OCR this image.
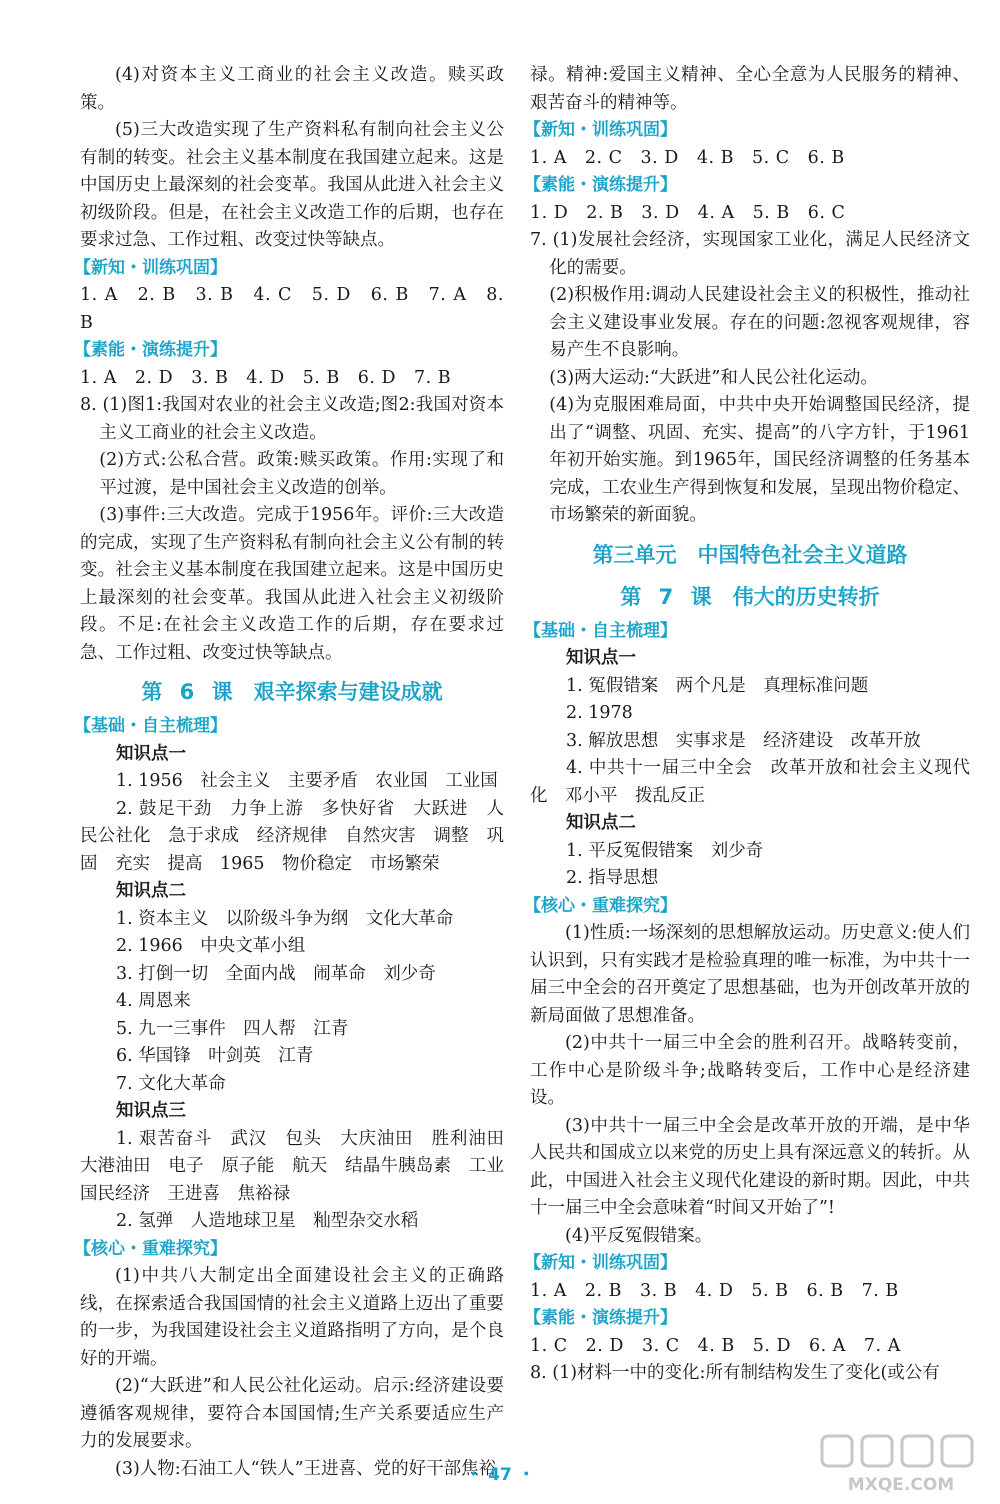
(4)对资本主义工商业的社会主义改造。赎买政策。

(5)三大改造实现了生产资料私有制向社会主义公有制的转变。社会主义基本制度在我国建立起来。这是中国历史上最深刻的社会变革。我国从此进入社会主义初级阶段。但是，在社会主义改造工作的后期，也存在要求过急、工作过粗、改变过快等缺点。

【新知・训练巩固】

1. A　2. B　3. B　4. C　5. D　6. B　7. A　8. B

【素能・演练提升】

1. A　2. D　3. B　4. D　5. B　6. D　7. B

8. (1)图1:我国对农业的社会主义改造;图2:我国对资本主义工商业的社会主义改造。

(2)方式:公私合营。政策:赎买政策。作用:实现了和平过渡，是中国社会主义改造的创举。

(3)事件:三大改造。完成于1956年。评价:三大改造的完成，实现了生产资料私有制向社会主义公有制的转变。社会主义基本制度在我国建立起来。这是中国历史上最深刻的社会变革。我国从此进入社会主义初级阶段。不足:在社会主义改造工作的后期，存在要求过急、工作过粗、改变过快等缺点。

第 6 课　艰辛探索与建设成就

【基础・自主梳理】

知识点一

1. 1956　社会主义　主要矛盾　农业国　工业国

2. 鼓足干劲　力争上游　多快好省　大跃进　人民公社化　急于求成　经济规律　自然灾害　调整　巩固　充实　提高　1965　物价稳定　市场繁荣

知识点二

1. 资本主义　以阶级斗争为纲　文化大革命

2. 1966　中央文革小组

3. 打倒一切　全面内战　闹革命　刘少奇

4. 周恩来

5. 九一三事件　四人帮　江青

6. 华国锋　叶剑英　江青

7. 文化大革命

知识点三

1. 艰苦奋斗　武汉　包头　大庆油田　胜利油田　大港油田　电子　原子能　航天　结晶牛胰岛素　工业　国民经济　王进喜　焦裕禄

2. 氢弹　人造地球卫星　籼型杂交水稻

【核心・重难探究】

(1)中共八大制定出全面建设社会主义的正确路线，在探索适合我国国情的社会主义道路上迈出了重要的一步，为我国建设社会主义道路指明了方向，是个良好的开端。

(2)“大跃进”和人民公社化运动。启示:经济建设要遵循客观规律，要符合本国国情;生产关系要适应生产力的发展要求。

(3)人物:石油工人“铁人”王进喜、党的好干部焦裕

禄。精神:爱国主义精神、全心全意为人民服务的精神、艰苦奋斗的精神等。

【新知・训练巩固】

1. A　2. C　3. D　4. B　5. C　6. B

【素能・演练提升】

1. D　2. B　3. D　4. A　5. B　6. C

7. (1)发展社会经济，实现国家工业化，满足人民经济文化的需要。

(2)积极作用:调动人民建设社会主义的积极性，推动社会主义建设事业发展。存在的问题:忽视客观规律，容易产生不良影响。

(3)两大运动:“大跃进”和人民公社化运动。

(4)为克服困难局面，中共中央开始调整国民经济，提出了“调整、巩固、充实、提高”的八字方针，于1961年初开始实施。到1965年，国民经济调整的任务基本完成，工农业生产得到恢复和发展，呈现出物价稳定、市场繁荣的新面貌。

第三单元　中国特色社会主义道路

第 7 课　伟大的历史转折

【基础・自主梳理】

知识点一

1. 冤假错案　两个凡是　真理标准问题

2. 1978

3. 解放思想　实事求是　经济建设　改革开放

4. 中共十一届三中全会　改革开放和社会主义现代化　邓小平　拨乱反正

知识点二

1. 平反冤假错案　刘少奇

2. 指导思想

【核心・重难探究】

(1)性质:一场深刻的思想解放运动。历史意义:使人们认识到，只有实践才是检验真理的唯一标准，为中共十一届三中全会的召开奠定了思想基础，也为开创改革开放的新局面做了思想准备。

(2)中共十一届三中全会的胜利召开。战略转变前，工作中心是阶级斗争;战略转变后，工作中心是经济建设。

(3)中共十一届三中全会是改革开放的开端，是中华人民共和国成立以来党的历史上具有深远意义的转折。从此，中国进入社会主义现代化建设的新时期。因此，中共十一届三中全会意味着“时间又开始了”!

(4)平反冤假错案。

【新知・训练巩固】

1. A　2. B　3. B　4. D　5. B　6. B　7. B

【素能・演练提升】

1. C　2. D　3. C　4. B　5. D　6. A　7. A

8. (1)材料一中的变化:所有制结构发生了变化(或公有

・ 47 ・	MXQE.COM
